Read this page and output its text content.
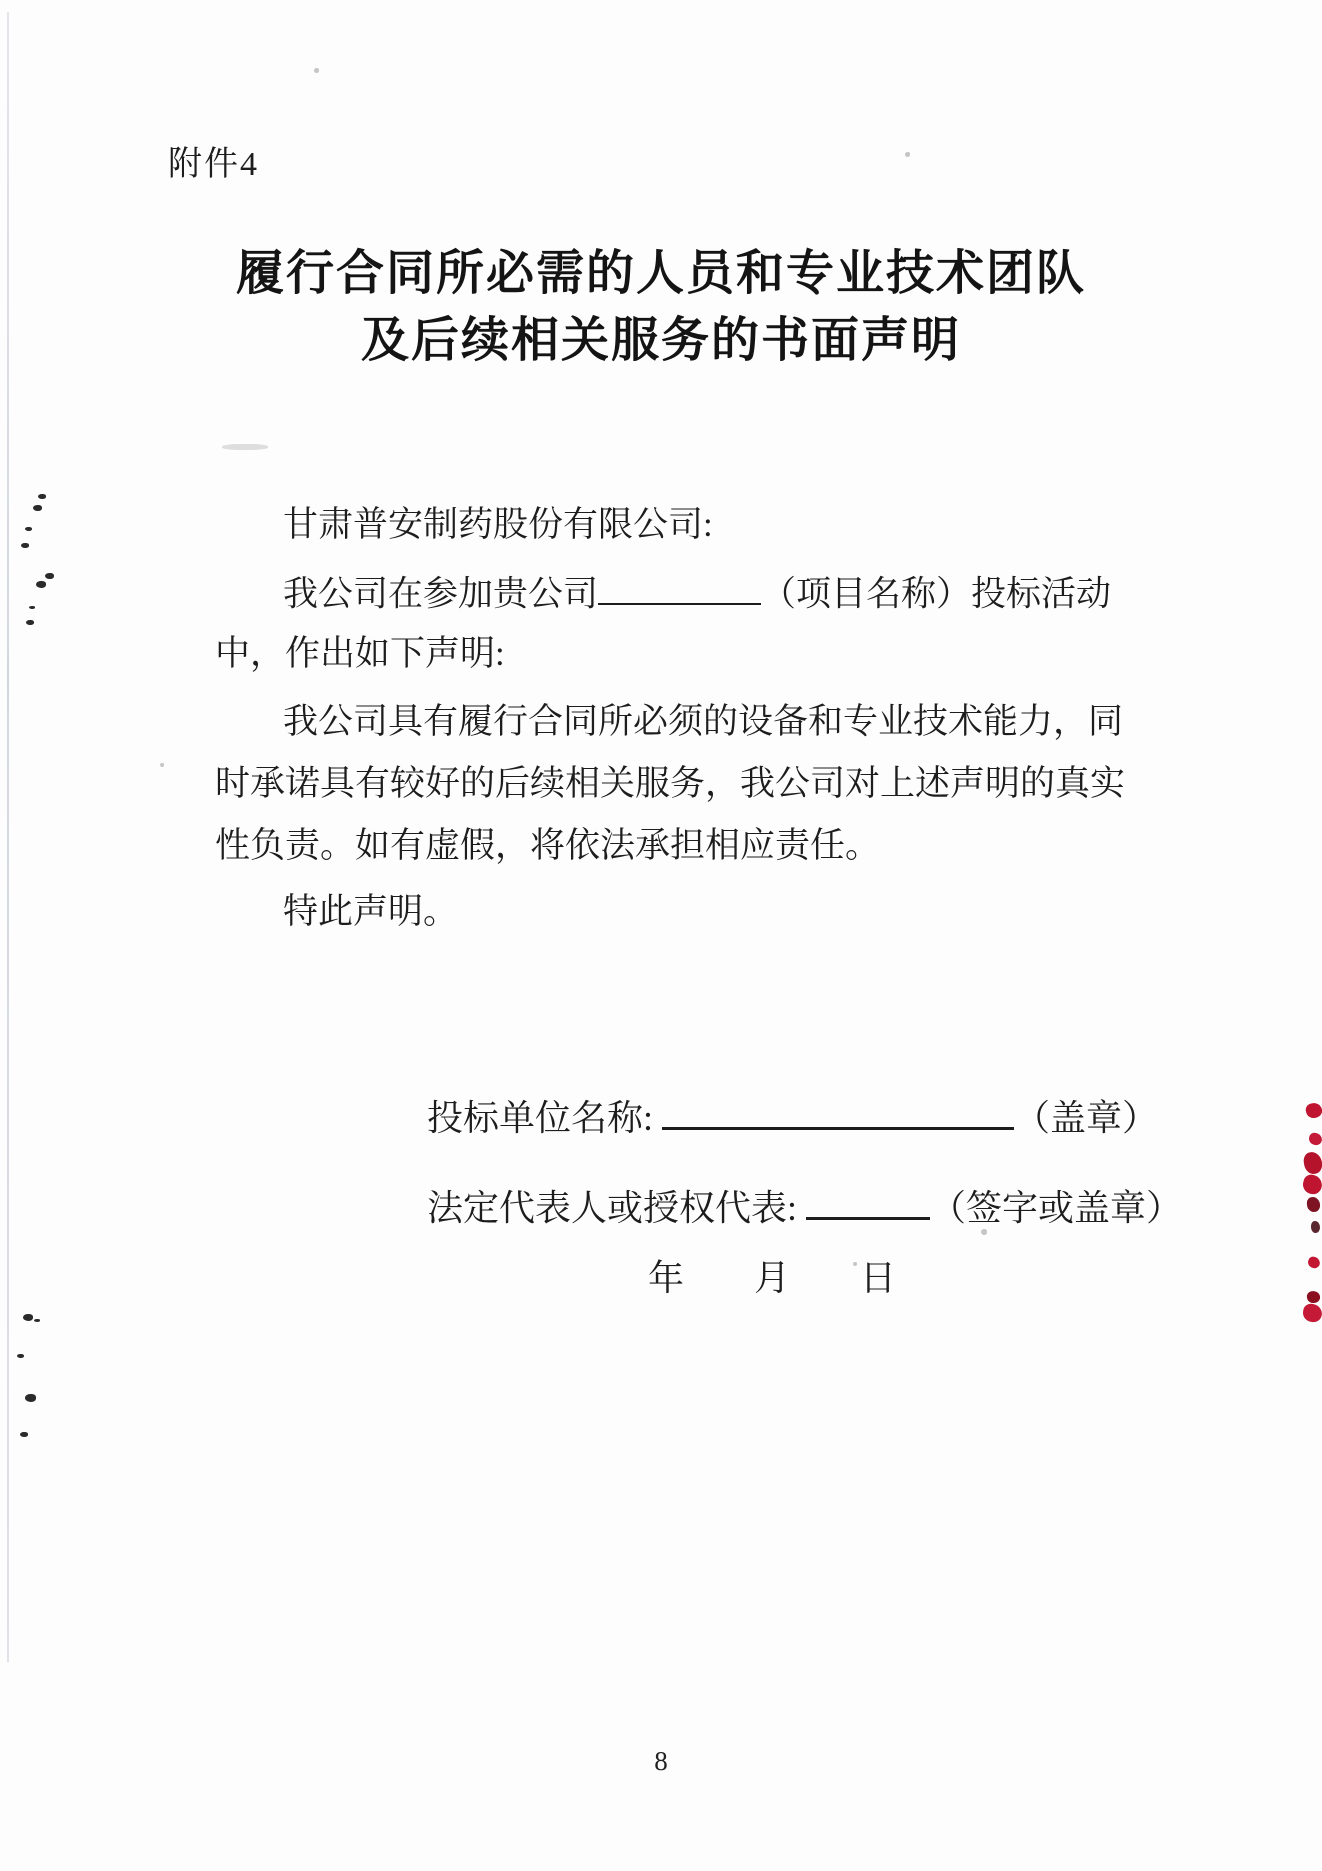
附件4
履行合同所必需的人员和专业技术团队
及后续相关服务的书面声明
甘肃普安制药股份有限公司:
我公司在参加贵公司	（项目名称）投标活动
中，作出如下声明:
我公司具有履行合同所必须的设备和专业技术能力，同
时承诺具有较好的后续相关服务，我公司对上述声明的真实
性负责。如有虚假，将依法承担相应责任。
特此声明。
投标单位名称:	（盖章）
法定代表人或授权代表:	（签字或盖章）
年 月 日
8
